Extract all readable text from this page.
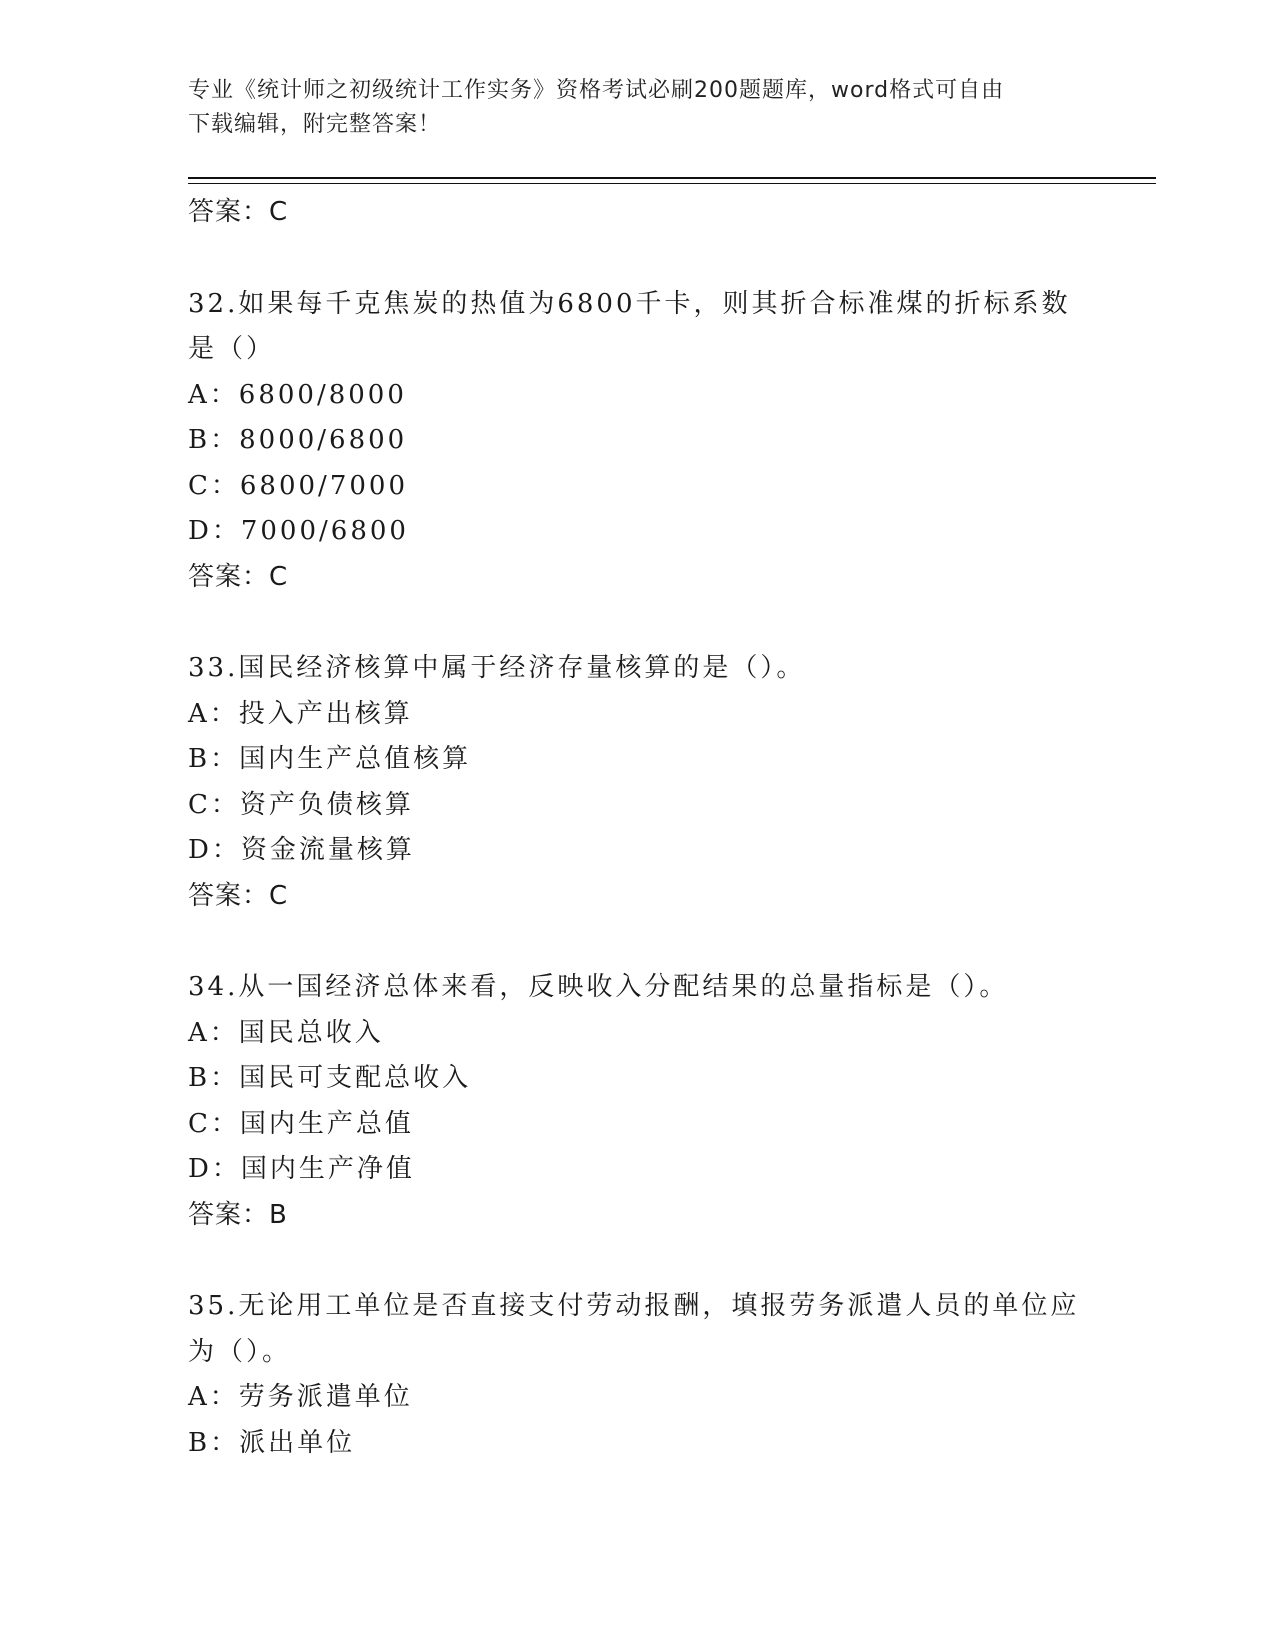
专业《统计师之初级统计工作实务》资格考试必刷200题题库，word格式可自由
下载编辑，附完整答案！

答案：C

32.如果每千克焦炭的热值为6800千卡，则其折合标准煤的折标系数

是（）

A：6800/8000

B：8000/6800

C：6800/7000

D：7000/6800

答案：C

33.国民经济核算中属于经济存量核算的是（）。

A：投入产出核算

B：国内生产总值核算

C：资产负债核算

D：资金流量核算

答案：C

34.从一国经济总体来看，反映收入分配结果的总量指标是（）。

A：国民总收入

B：国民可支配总收入

C：国内生产总值

D：国内生产净值

答案：B

35.无论用工单位是否直接支付劳动报酬，填报劳务派遣人员的单位应

为（）。

A：劳务派遣单位

B：派出单位
